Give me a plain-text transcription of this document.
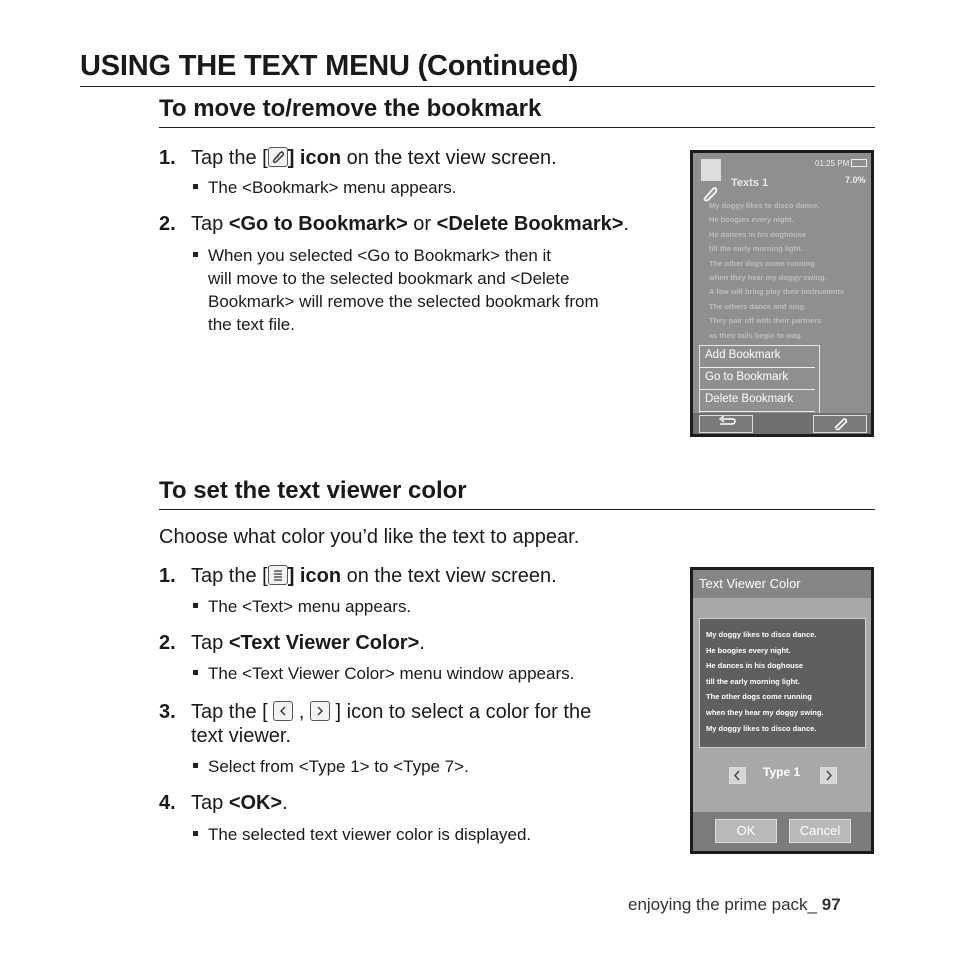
USING THE TEXT MENU (Continued)
To move to/remove the bookmark
1. Tap the [ ] icon on the text view screen.
The <Bookmark> menu appears.
2. Tap <Go to Bookmark> or <Delete Bookmark>.
When you selected <Go to Bookmark> then it
will move to the selected bookmark and <Delete
Bookmark> will remove the selected bookmark from
the text file.
Texts 1
01:25 PM
7.0%
My doggy likes to disco dance.
He boogies every night.
He dances in his doghouse
till the early morning light.
The other dogs come running
when they hear my doggy swing.
A few will bring play their instruments
The others dance and sing.
They pair off with their partners
as their tails begin to wag.
Add Bookmark
Go to Bookmark
Delete Bookmark
To set the text viewer color
Choose what color you’d like the text to appear.
1. Tap the [ ] icon on the text view screen.
The <Text> menu appears.
2. Tap <Text Viewer Color>.
The <Text Viewer Color> menu window appears.
3. Tap the [
,
] icon to select a color for the
text viewer.
Select from <Type 1> to <Type 7>.
4. Tap <OK>.
The selected text viewer color is displayed.
Text Viewer Color
My doggy likes to disco dance.
He boogies every night.
He dances in his doghouse
till the early morning light.
The other dogs come running
when they hear my doggy swing.
My doggy likes to disco dance.
Type 1
OK	Cancel
enjoying the prime pack_ 97
